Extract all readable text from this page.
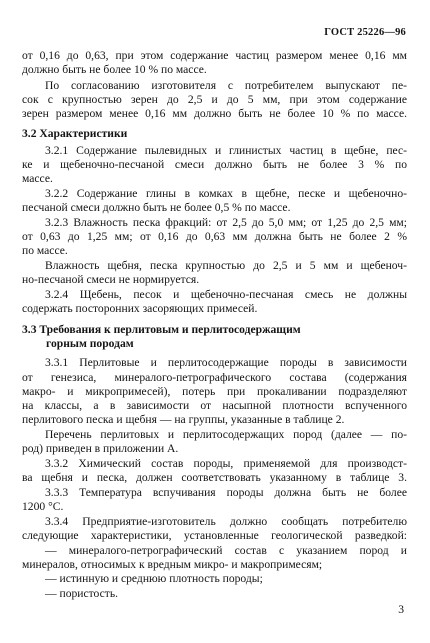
ГОСТ 25226—96
от 0,16 до 0,63, при этом содержание частиц размером менее 0,16 мм
должно быть не более 10 % по массе.
По согласованию изготовителя с потребителем выпускают пе-
сок с крупностью зерен до 2,5 и до 5 мм, при этом содержание
зерен размером менее 0,16 мм должно быть не более 10 % по массе.
3.2 Характеристики
3.2.1 Содержание пылевидных и глинистых частиц в щебне, пес-
ке и щебеночно-песчаной смеси должно быть не более 3 % по
массе.
3.2.2 Содержание глины в комках в щебне, песке и щебеночно-
песчаной смеси должно быть не более 0,5 % по массе.
3.2.3 Влажность песка фракций: от 2,5 до 5,0 мм; от 1,25 до 2,5 мм;
от 0,63 до 1,25 мм; от 0,16 до 0,63 мм должна быть не более 2 %
по массе.
Влажность щебня, песка крупностью до 2,5 и 5 мм и щебеноч-
но-песчаной смеси не нормируется.
3.2.4 Щебень, песок и щебеночно-песчаная смесь не должны
содержать посторонних засоряющих примесей.
3.3 Требования к перлитовым и перлитосодержащим
горным породам
3.3.1 Перлитовые и перлитосодержащие породы в зависимости
от генезиса, минералого-петрографического состава (содержания
макро- и микропримесей), потерь при прокаливании подразделяют
на классы, а в зависимости от насыпной плотности вспученного
перлитового песка и щебня — на группы, указанные в таблице 2.
Перечень перлитовых и перлитосодержащих пород (далее — по-
род) приведен в приложении А.
3.3.2 Химический состав породы, применяемой для производст-
ва щебня и песка, должен соответствовать указанному в таблице 3.
3.3.3 Температура вспучивания породы должна быть не более
1200 °С.
3.3.4 Предприятие-изготовитель должно сообщать потребителю
следующие характеристики, установленные геологической разведкой:
— минералого-петрографический состав с указанием пород и
минералов, относимых к вредным микро- и макропримесям;
— истинную и среднюю плотность породы;
— пористость.
3
